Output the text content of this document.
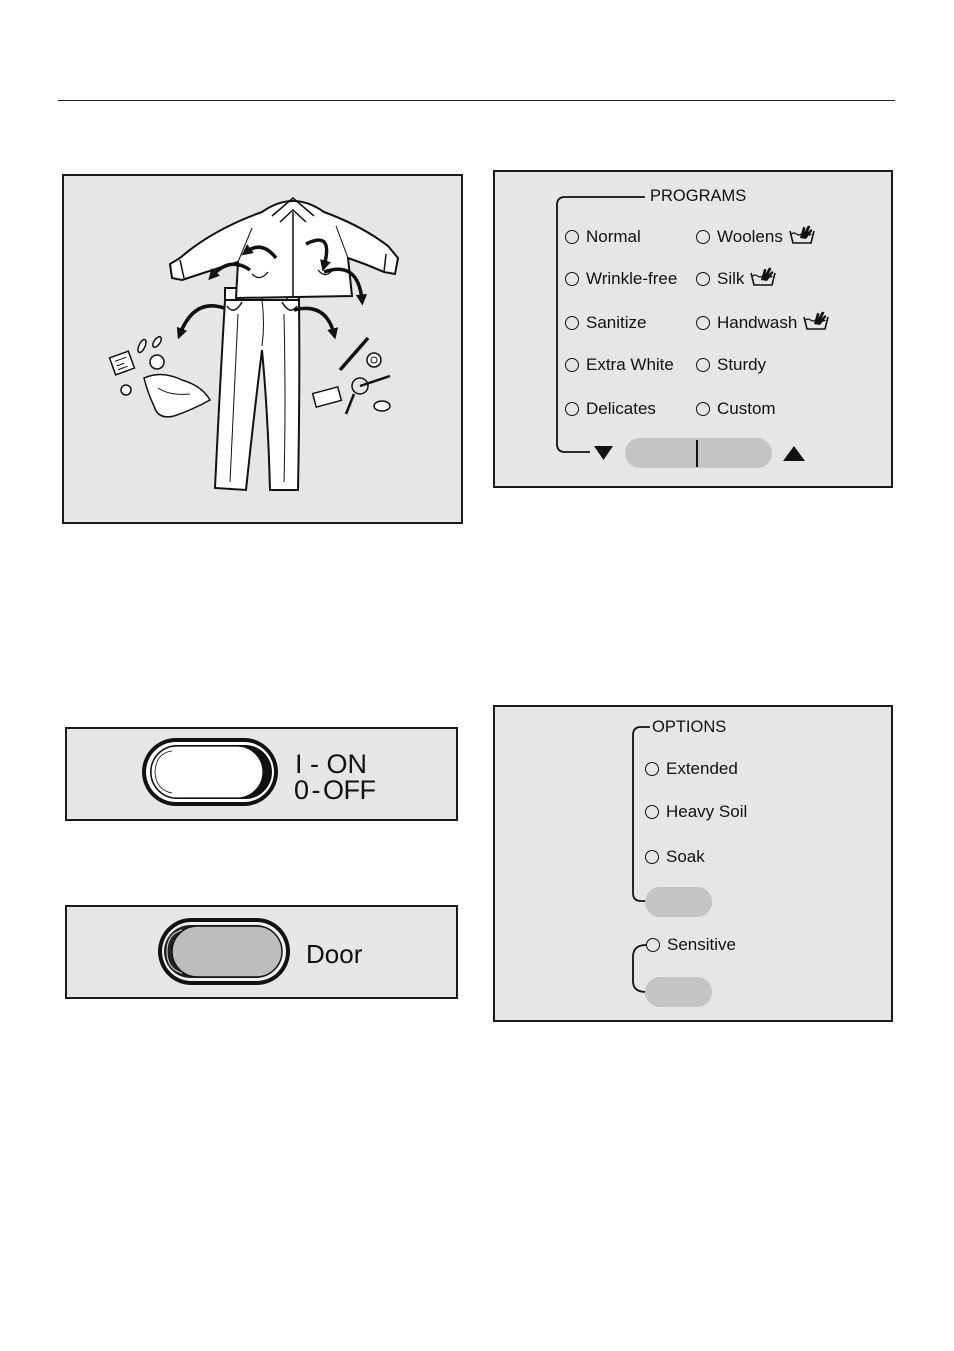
PROGRAMS
Normal
Wrinkle-free
Sanitize
Extra White
Delicates
Woolens
Silk
Handwash
Sturdy
Custom
I - ON
0 - OFF
Door
OPTIONS
Extended
Heavy Soil
Soak
Sensitive
